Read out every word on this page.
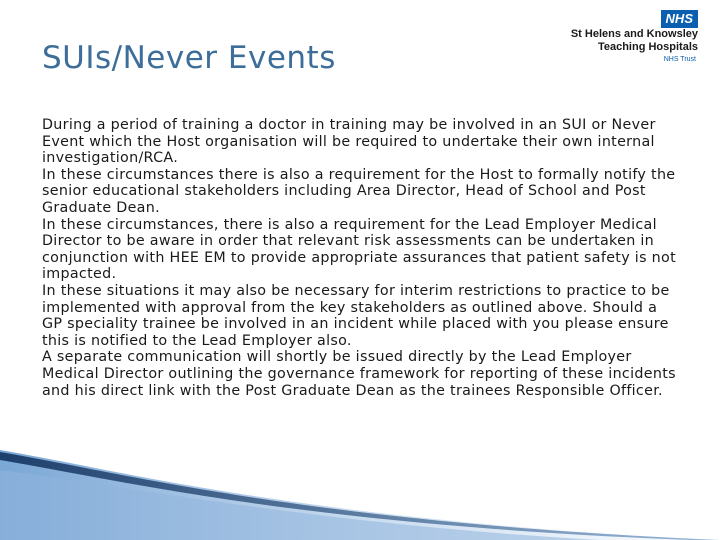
SUIs/Never Events
NHS
St Helens and Knowsley
Teaching Hospitals
NHS Trust

During a period of training a doctor in training may be involved in an SUI or Never Event which the Host organisation will be required to undertake their own internal investigation/RCA.

In these circumstances there is also a requirement for the Host to formally notify the senior educational stakeholders including Area Director, Head of School and Post Graduate Dean.

In these circumstances, there is also a requirement for the Lead Employer Medical Director to be aware in order that relevant risk assessments can be undertaken in conjunction with HEE EM to provide appropriate assurances that patient safety is not impacted.

In these situations it may also be necessary for interim restrictions to practice to be implemented with approval from the key stakeholders as outlined above. Should a GP speciality trainee be involved in an incident while placed with you please ensure this is notified to the Lead Employer also.

A separate communication will shortly be issued directly by the Lead Employer Medical Director outlining the governance framework for reporting of these incidents and his direct link with the Post Graduate Dean as the trainees Responsible Officer.
